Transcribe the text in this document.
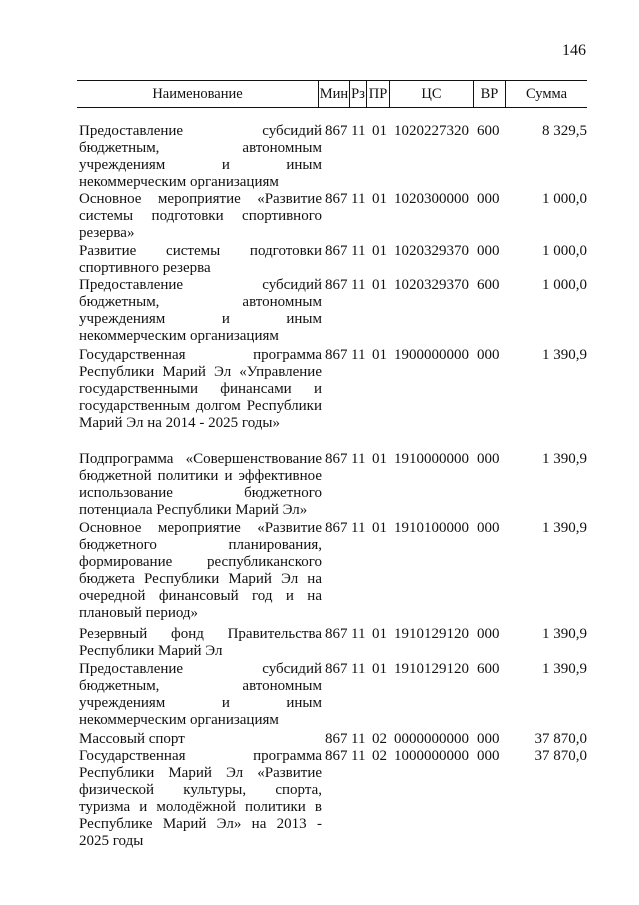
146
Наименование	Мин Рз ПР	ЦС	ВР	Сумма
Предоставление субсидий бюджетным, автономным учреждениям и иным некоммерческим организациям
867 11 01 1020227320 600	8 329,5
Основное мероприятие «Развитие системы подготовки спортивного резерва»
867 11 01 1020300000 000	1 000,0
Развитие системы подготовки спортивного резерва
867 11 01 1020329370 000	1 000,0
Предоставление субсидий бюджетным, автономным учреждениям и иным некоммерческим организациям
867 11 01 1020329370 600	1 000,0
Государственная программа Республики Марий Эл «Управление государственными финансами и государственным долгом Республики Марий Эл на 2014 - 2025 годы»
867 11 01 1900000000 000	1 390,9
Подпрограмма «Совершенствование бюджетной политики и эффективное использование бюджетного потенциала Республики Марий Эл»
867 11 01 1910000000 000	1 390,9
Основное мероприятие «Развитие бюджетного планирования, формирование республиканского бюджета Республики Марий Эл на очередной финансовый год и на плановый период»
867 11 01 1910100000 000	1 390,9
Резервный фонд Правительства Республики Марий Эл
867 11 01 1910129120 000	1 390,9
Предоставление субсидий бюджетным, автономным учреждениям и иным некоммерческим организациям
867 11 01 1910129120 600	1 390,9
Массовый спорт	867 11 02 0000000000 000	37 870,0
Государственная программа Республики Марий Эл «Развитие физической культуры, спорта, туризма и молодёжной политики в Республике Марий Эл» на 2013 - 2025 годы
867 11 02 1000000000 000	37 870,0
